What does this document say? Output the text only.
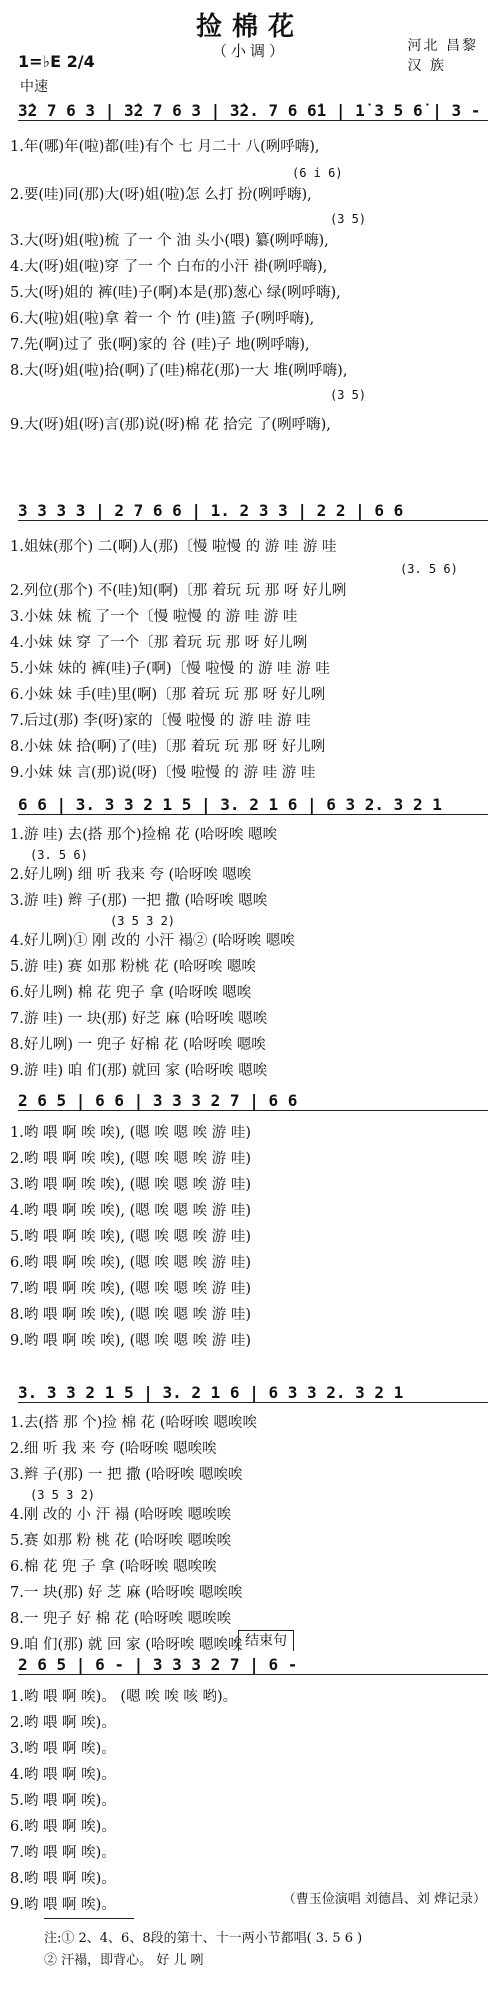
捡棉花
（小调）	河北 昌黎
汉 族
1=♭E 2/4
中速
3̇2 7 6 3 | 3̇2 7 6 3 | 3̇2. 7 6 6̇1 | 1̇ 3 5 6̇ | 3 -
(6 i 6)
1.年(哪)年(啦)都(哇)有个 七 月二十 八(咧呼嗨),
2.要(哇)同(那)大(呀)姐(啦)怎 么打 扮(咧呼嗨),
(3 5)
3.大(呀)姐(啦)梳 了一 个 油 头小(喂) 纂(咧呼嗨),
4.大(呀)姐(啦)穿 了一 个 白布的小汗 褂(咧呼嗨),
5.大(呀)姐的 裤(哇)子(啊)本是(那)葱心 绿(咧呼嗨),
6.大(啦)姐(啦)拿 着一 个 竹 (哇)篮 子(咧呼嗨),
7.先(啊)过了 张(啊)家的 谷 (哇)子 地(咧呼嗨),
8.大(呀)姐(啦)拾(啊)了(哇)棉花(那)一大 堆(咧呼嗨),
(3 5)
9.大(呀)姐(呀)言(那)说(呀)棉 花 拾完 了(咧呼嗨),
3 3 3 3 | 2 7 6 6 | 1. 2 3 3 | 2 2 | 6 6
1.姐妹(那个) 二(啊)人(那)〔慢 啦慢 的 游 哇 游 哇
(3. 5 6)
2.列位(那个) 不(哇)知(啊)〔那 着玩 玩 那 呀 好儿咧
3.小妹 妹 梳 了一个〔慢 啦慢 的 游 哇 游 哇
4.小妹 妹 穿 了一个〔那 着玩 玩 那 呀 好儿咧
5.小妹 妹的 裤(哇)子(啊)〔慢 啦慢 的 游 哇 游 哇
6.小妹 妹 手(哇)里(啊)〔那 着玩 玩 那 呀 好儿咧
7.后过(那) 李(呀)家的〔慢 啦慢 的 游 哇 游 哇
8.小妹 妹 拾(啊)了(哇)〔那 着玩 玩 那 呀 好儿咧
9.小妹 妹 言(那)说(呀)〔慢 啦慢 的 游 哇 游 哇
6 6 | 3. 3 3 2 1 5 | 3. 2 1 6 | 6 3 2. 3 2 1
1.游 哇) 去(搭 那个)捡棉 花 (哈呀唉 嗯唉
(3. 5 6)
2.好儿咧) 细 听 我来 夸 (哈呀唉 嗯唉
3.游 哇) 辫 子(那) 一把 撒 (哈呀唉 嗯唉
(3 5 3 2)
4.好儿咧)① 刚 改的 小汗 褟② (哈呀唉 嗯唉
5.游 哇) 赛 如那 粉桃 花 (哈呀唉 嗯唉
6.好儿咧) 棉 花 兜子 拿 (哈呀唉 嗯唉
7.游 哇) 一 块(那) 好芝 麻 (哈呀唉 嗯唉
8.好儿咧) 一 兜子 好棉 花 (哈呀唉 嗯唉
9.游 哇) 咱 们(那) 就回 家 (哈呀唉 嗯唉
2 6 5 | 6 6 | 3 3 3 2 7 | 6 6
1.哟 喂 啊 唉 唉), (嗯 唉 嗯 唉 游 哇)
2.哟 喂 啊 唉 唉), (嗯 唉 嗯 唉 游 哇)
3.哟 喂 啊 唉 唉), (嗯 唉 嗯 唉 游 哇)
4.哟 喂 啊 唉 唉), (嗯 唉 嗯 唉 游 哇)
5.哟 喂 啊 唉 唉), (嗯 唉 嗯 唉 游 哇)
6.哟 喂 啊 唉 唉), (嗯 唉 嗯 唉 游 哇)
7.哟 喂 啊 唉 唉), (嗯 唉 嗯 唉 游 哇)
8.哟 喂 啊 唉 唉), (嗯 唉 嗯 唉 游 哇)
9.哟 喂 啊 唉 唉), (嗯 唉 嗯 唉 游 哇)
3. 3 3 2 1 5 | 3. 2 1 6 | 6 3 3 2. 3 2 1
1.去(搭 那 个)捡 棉 花 (哈呀唉 嗯唉唉
2.细 听 我 来 夸 (哈呀唉 嗯唉唉
3.辫 子(那) 一 把 撒 (哈呀唉 嗯唉唉
(3 5 3 2)
4.刚 改的 小 汗 褟 (哈呀唉 嗯唉唉
5.赛 如那 粉 桃 花 (哈呀唉 嗯唉唉
6.棉 花 兜 子 拿 (哈呀唉 嗯唉唉
7.一 块(那) 好 芝 麻 (哈呀唉 嗯唉唉
8.一 兜子 好 棉 花 (哈呀唉 嗯唉唉
9.咱 们(那) 就 回 家 (哈呀唉 嗯唉唉 结束句
2 6 5 | 6 - | 3 3 3 2 7 | 6 -
1.哟 喂 啊 唉)。 (嗯 唉 唉 咳 哟)。
2.哟 喂 啊 唉)。
3.哟 喂 啊 唉)。
4.哟 喂 啊 唉)。
5.哟 喂 啊 唉)。
6.哟 喂 啊 唉)。
7.哟 喂 啊 唉)。
8.哟 喂 啊 唉)。
9.哟 喂 啊 唉)。	（曹玉俭演唱 刘德昌、刘 烨记录）
注:① 2、4、6、8段的第十、十一两小节都唱( 3. 5 6 )
② 汗褟，即背心。 好 儿 咧
